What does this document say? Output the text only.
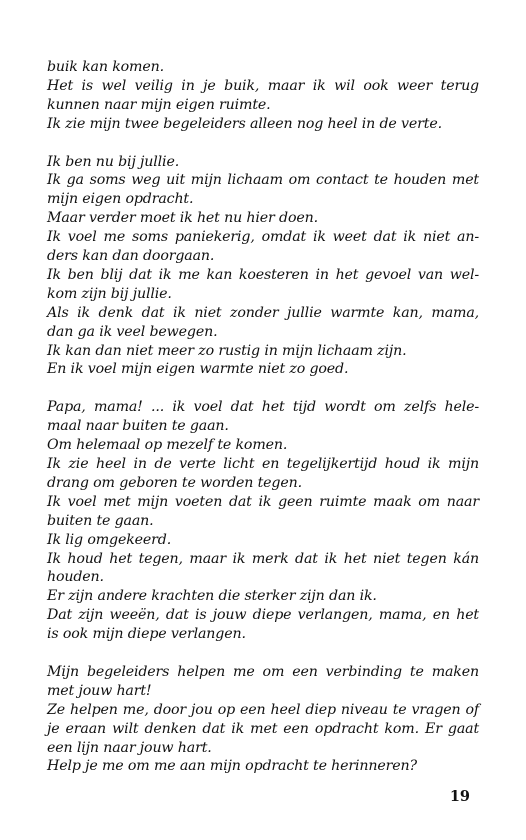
buik kan komen.
Het is wel veilig in je buik, maar ik wil ook weer terug
kunnen naar mijn eigen ruimte.
Ik zie mijn twee begeleiders alleen nog heel in de verte.
Ik ben nu bij jullie.
Ik ga soms weg uit mijn lichaam om contact te houden met
mijn eigen opdracht.
Maar verder moet ik het nu hier doen.
Ik voel me soms paniekerig, omdat ik weet dat ik niet an-
ders kan dan doorgaan.
Ik ben blij dat ik me kan koesteren in het gevoel van wel-
kom zijn bij jullie.
Als ik denk dat ik niet zonder jullie warmte kan, mama,
dan ga ik veel bewegen.
Ik kan dan niet meer zo rustig in mijn lichaam zijn.
En ik voel mijn eigen warmte niet zo goed.
Papa, mama! ... ik voel dat het tijd wordt om zelfs hele-
maal naar buiten te gaan.
Om helemaal op mezelf te komen.
Ik zie heel in de verte licht en tegelijkertijd houd ik mijn
drang om geboren te worden tegen.
Ik voel met mijn voeten dat ik geen ruimte maak om naar
buiten te gaan.
Ik lig omgekeerd.
Ik houd het tegen, maar ik merk dat ik het niet tegen kán
houden.
Er zijn andere krachten die sterker zijn dan ik.
Dat zijn weeën, dat is jouw diepe verlangen, mama, en het
is ook mijn diepe verlangen.
Mijn begeleiders helpen me om een verbinding te maken
met jouw hart!
Ze helpen me, door jou op een heel diep niveau te vragen of
je eraan wilt denken dat ik met een opdracht kom. Er gaat
een lijn naar jouw hart.
Help je me om me aan mijn opdracht te herinneren?
19
